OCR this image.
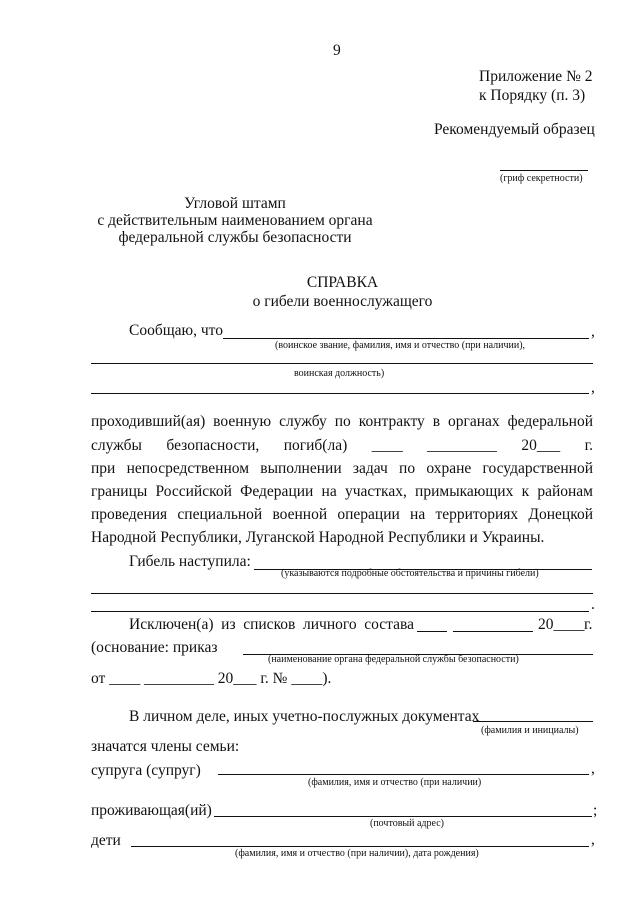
9
Приложение № 2
к Порядку (п. 3)
Рекомендуемый образец
(гриф секретности)
Угловой штамп
с действительным наименованием органа
федеральной службы безопасности
СПРАВКА
о гибели военнослужащего
Сообщаю, что	,
(воинское звание, фамилия, имя и отчество (при наличии),
воинская должность)
,
проходивший(ая) военную службу по контракту в органах федеральной
службы безопасности, погиб(ла) ____ _________ 20___ г.
при непосредственном выполнении задач по охране государственной
границы Российской Федерации на участках, примыкающих к районам
проведения специальной военной операции на территориях Донецкой
Народной Республики, Луганской Народной Республики и Украины.
Гибель наступила:
(указываются подробные обстоятельства и причины гибели)
.
Исключен(а) из списков личного состава	20____ г.
(основание: приказ
(наименование органа федеральной службы безопасности)
от ____ _________ 20___ г. № ____).
В личном деле, иных учетно-послужных документах
(фамилия и инициалы)
значатся члены семьи:
супруга (супруг)	,
(фамилия, имя и отчество (при наличии)
проживающая(ий)	;
(почтовый адрес)
дети	,
(фамилия, имя и отчество (при наличии), дата рождения)
